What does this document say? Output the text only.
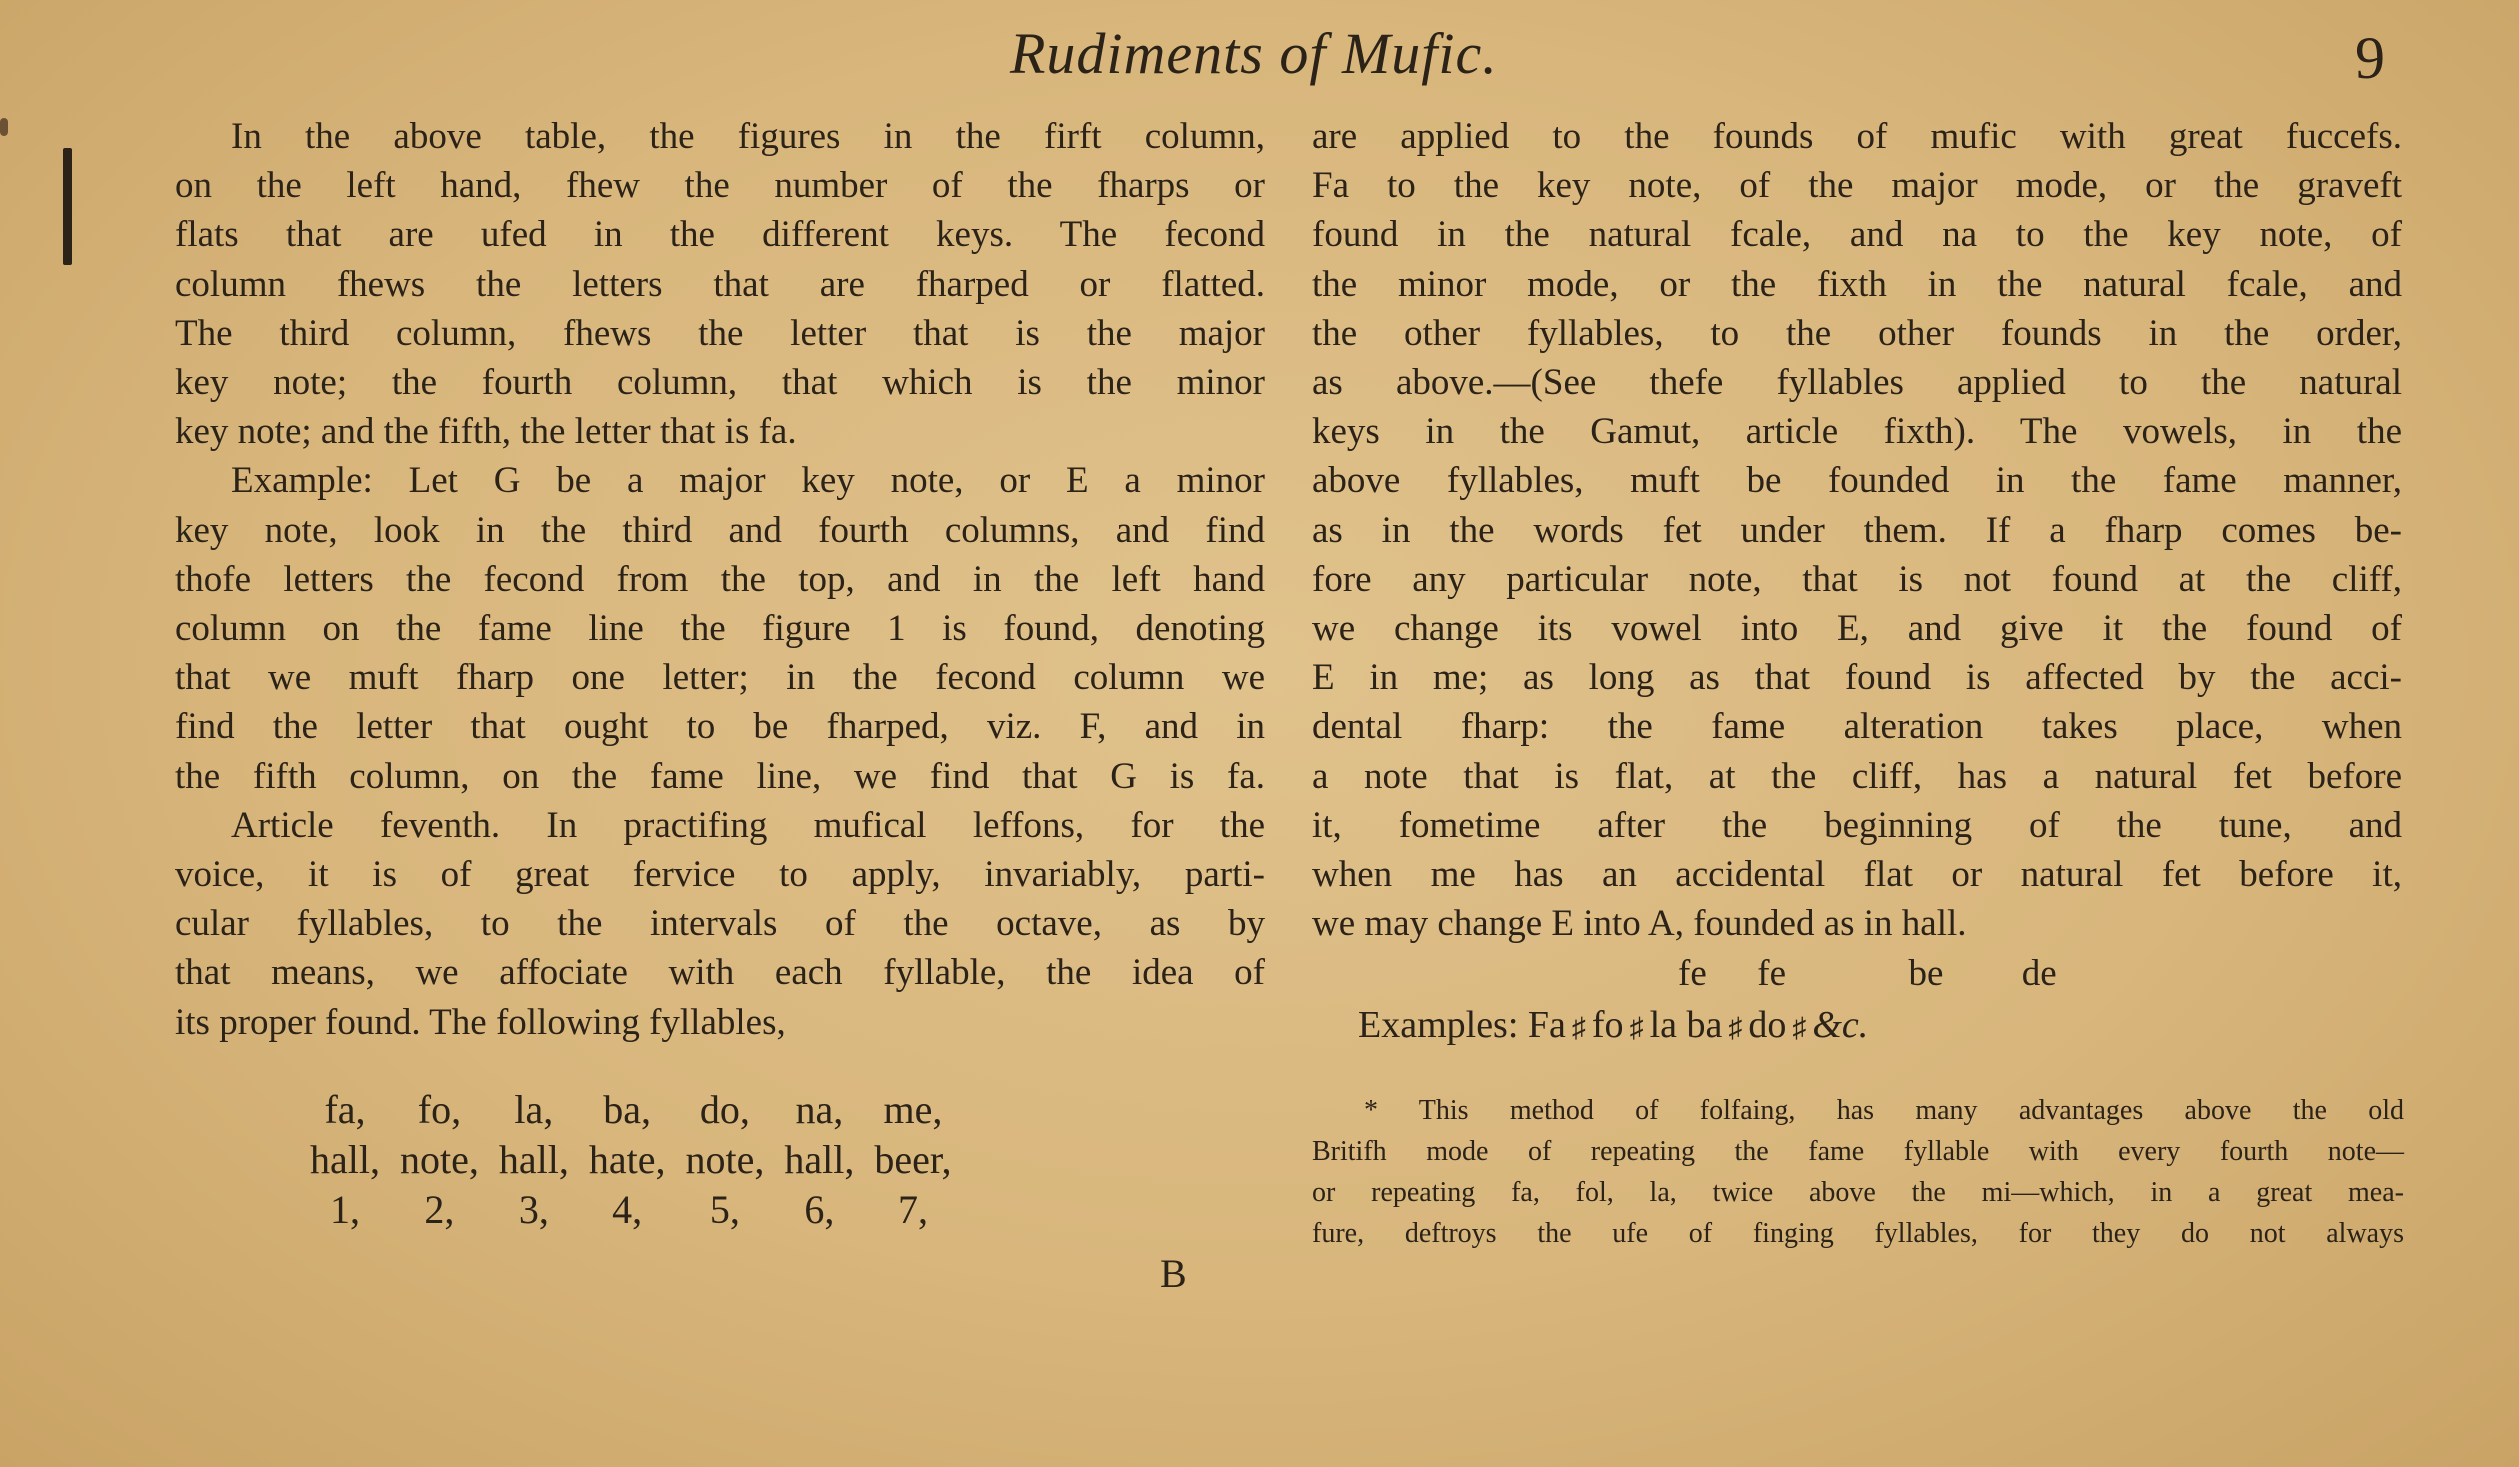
Rudiments of Mufic.	9
In the above table, the figures in the firft column,
on the left hand, fhew the number of the fharps or
flats that are ufed in the different keys. The fecond
column fhews the letters that are fharped or flatted.
The third column, fhews the letter that is the major
key note; the fourth column, that which is the minor
key note; and the fifth, the letter that is fa.
Example: Let G be a major key note, or E a minor
key note, look in the third and fourth columns, and find
thofe letters the fecond from the top, and in the left hand
column on the fame line the figure 1 is found, denoting
that we muft fharp one letter; in the fecond column we
find the letter that ought to be fharped, viz. F, and in
the fifth column, on the fame line, we find that G is fa.
Article feventh. In practifing mufical leffons, for the
voice, it is of great fervice to apply, invariably, parti-
cular fyllables, to the intervals of the octave, as by
that means, we affociate with each fyllable, the idea of
its proper found. The following fyllables,
fa,	fo,	la,	ba,	do,	na,	me,
hall,	note,	hall,	hate,	note,	hall,	beer,
1,	2,	3,	4,	5,	6,	7,
B
are applied to the founds of mufic with great fuccefs.
Fa to the key note, of the major mode, or the graveft
found in the natural fcale, and na to the key note, of
the minor mode, or the fixth in the natural fcale, and
the other fyllables, to the other founds in the order,
as above.—(See thefe fyllables applied to the natural
keys in the Gamut, article fixth). The vowels, in the
above fyllables, muft be founded in the fame manner,
as in the words fet under them. If a fharp comes be-
fore any particular note, that is not found at the cliff,
we change its vowel into E, and give it the found of
E in me; as long as that found is affected by the acci-
dental fharp: the fame alteration takes place, when
a note that is flat, at the cliff, has a natural fet before
it, fometime after the beginning of the tune, and
when me has an accidental flat or natural fet before it,
we may change E into A, founded as in hall.
fe fe	be de
Examples: Fa ♯ fo ♯ la ba ♯ do ♯ &c.
* This method of folfaing, has many advantages above the old
Britifh mode of repeating the fame fyllable with every fourth note—
or repeating fa, fol, la, twice above the mi—which, in a great mea-
fure, deftroys the ufe of finging fyllables, for they do not always
